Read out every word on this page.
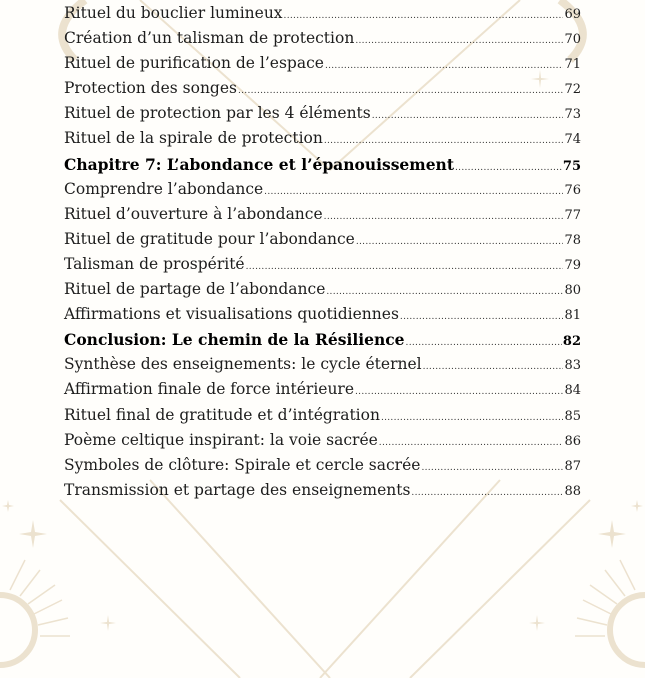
Rituel du bouclier lumineux .....	69
Création d’un talisman de protection .....	70
Rituel de purification de l’espace .....	71
Protection des songes .....	72
Rituel de protection par les 4 éléments .....	73
Rituel de la spirale de protection .....	74
Chapitre 7: L’abondance et l’épanouissement .....	75
Comprendre l’abondance .....	76
Rituel d’ouverture à l’abondance .....	77
Rituel de gratitude pour l’abondance .....	78
Talisman de prospérité .....	79
Rituel de partage de l’abondance .....	80
Affirmations et visualisations quotidiennes .....	81
Conclusion: Le chemin de la Résilience .....	82
Synthèse des enseignements: le cycle éternel .....	83
Affirmation finale de force intérieure .....	84
Rituel final de gratitude et d’intégration .....	85
Poème celtique inspirant: la voie sacrée .....	86
Symboles de clôture: Spirale et cercle sacrée .....	87
Transmission et partage des enseignements .....	88
